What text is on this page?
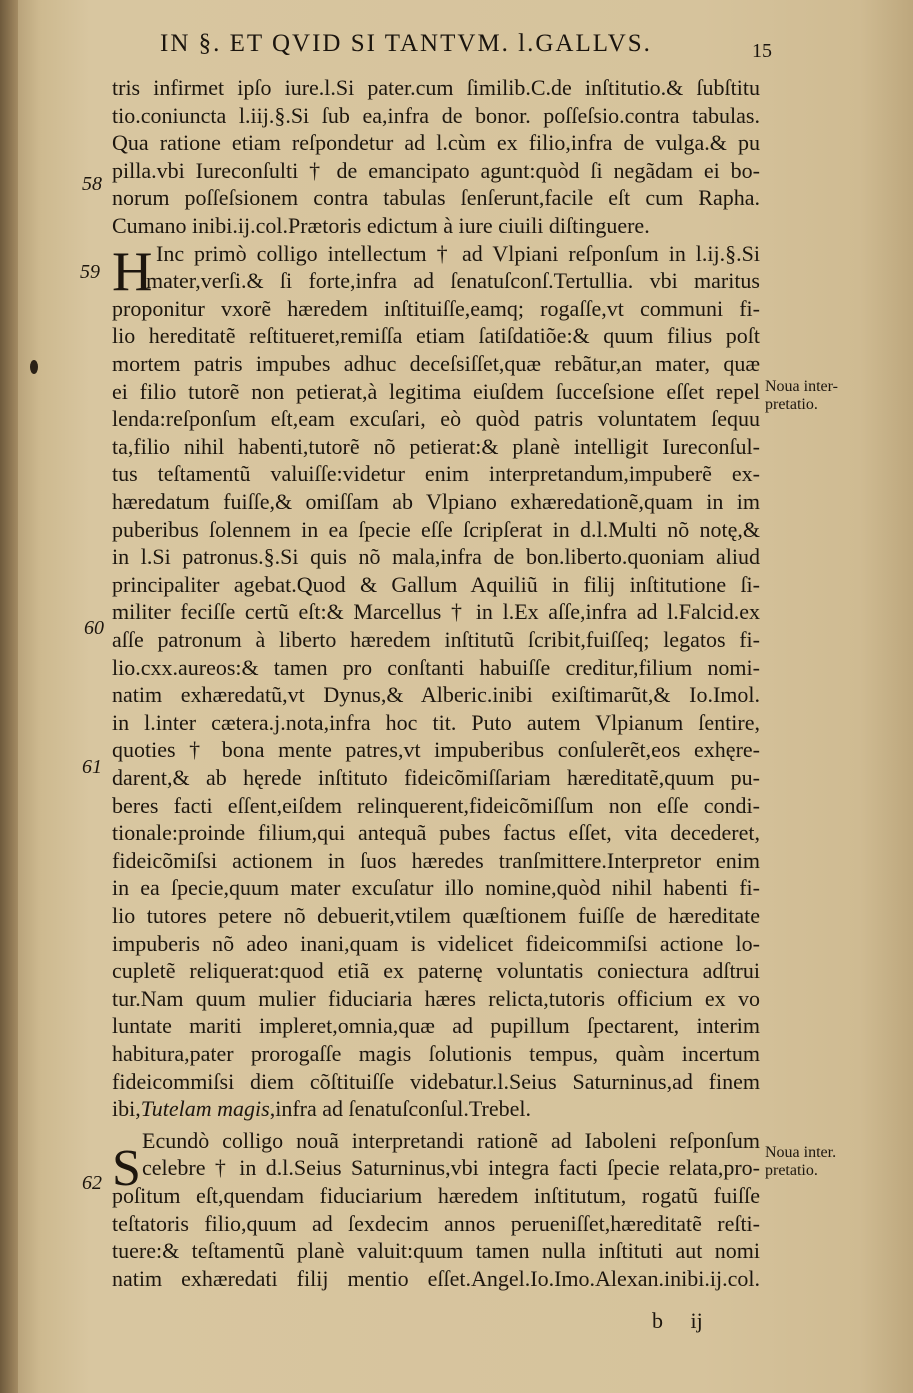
IN §. ET QVID SI TANTVM. l.GALLVS.	15
tris infirmet ipſo iure.l.Si pater.cum ſimilib.C.de inſtitutio.& ſubſtitu
tio.coniuncta l.iij.§.Si ſub ea,infra de bonor. poſſeſsio.contra tabulas.
Qua ratione etiam reſpondetur ad l.cùm ex filio,infra de vulga.& pu
pilla.vbi Iureconſulti † de emancipato agunt:quòd ſi negãdam ei bo-
norum poſſeſsionem contra tabulas ſenſerunt,facile eſt cum Rapha.
Cumano inibi.ij.col.Prætoris edictum à iure ciuili diſtinguere.
Inc primò colligo intellectum † ad Vlpiani reſponſum in l.ij.§.Si
mater,verſi.& ſi forte,infra ad ſenatuſconſ.Tertullia. vbi maritus
proponitur vxorẽ hæredem inſtituiſſe,eamq; rogaſſe,vt communi fi-
lio hereditatẽ reſtitueret,remiſſa etiam ſatiſdatiõe:& quum filius poſt
mortem patris impubes adhuc deceſsiſſet,quæ rebãtur,an mater, quæ
ei filio tutorẽ non petierat,à legitima eiuſdem ſucceſsione eſſet repel
lenda:reſponſum eſt,eam excuſari, eò quòd patris voluntatem ſequu
ta,filio nihil habenti,tutorẽ nõ petierat:& planè intelligit Iureconſul-
tus teſtamentũ valuiſſe:videtur enim interpretandum,impuberẽ ex-
hæredatum fuiſſe,& omiſſam ab Vlpiano exhæredationẽ,quam in im
puberibus ſolennem in ea ſpecie eſſe ſcripſerat in d.l.Multi nõ notę,&
in l.Si patronus.§.Si quis nõ mala,infra de bon.liberto.quoniam aliud
principaliter agebat.Quod & Gallum Aquiliũ in filij inſtitutione ſi-
militer feciſſe certũ eſt:& Marcellus † in l.Ex aſſe,infra ad l.Falcid.ex
aſſe patronum à liberto hæredem inſtitutũ ſcribit,fuiſſeq; legatos fi-
lio.cxx.aureos:& tamen pro conſtanti habuiſſe creditur,filium nomi-
natim exhæredatũ,vt Dynus,& Alberic.inibi exiſtimarũt,& Io.Imol.
in l.inter cætera.j.nota,infra hoc tit. Puto autem Vlpianum ſentire,
quoties † bona mente patres,vt impuberibus conſulerẽt,eos exhęre-
darent,& ab hęrede inſtituto fideicõmiſſariam hæreditatẽ,quum pu-
beres facti eſſent,eiſdem relinquerent,fideicõmiſſum non eſſe condi-
tionale:proinde filium,qui antequã pubes factus eſſet, vita decederet,
fideicõmiſsi actionem in ſuos hæredes tranſmittere.Interpretor enim
in ea ſpecie,quum mater excuſatur illo nomine,quòd nihil habenti fi-
lio tutores petere nõ debuerit,vtilem quæſtionem fuiſſe de hæreditate
impuberis nõ adeo inani,quam is videlicet fideicommiſsi actione lo-
cupletẽ reliquerat:quod etiã ex paternę voluntatis coniectura adſtrui
tur.Nam quum mulier fiduciaria hæres relicta,tutoris officium ex vo
luntate mariti impleret,omnia,quæ ad pupillum ſpectarent, interim
habitura,pater prorogaſſe magis ſolutionis tempus, quàm incertum
fideicommiſsi diem cõſtituiſſe videbatur.l.Seius Saturninus,ad finem
ibi,Tutelam magis,infra ad ſenatuſconſul.Trebel.
Ecundò colligo nouã interpretandi rationẽ ad Iaboleni reſponſum
celebre † in d.l.Seius Saturninus,vbi integra facti ſpecie relata,pro-
poſitum eſt,quendam fiduciarium hæredem inſtitutum, rogatũ fuiſſe
teſtatoris filio,quum ad ſexdecim annos perueniſſet,hæreditatẽ reſti-
tuere:& teſtamentũ planè valuit:quum tamen nulla inſtituti aut nomi
natim exhæredati filij mentio eſſet.Angel.Io.Imo.Alexan.inibi.ij.col.
H
S
58
59
60
61
62
Noua inter-
pretatio.
Noua inter.
pretatio.
b ij
